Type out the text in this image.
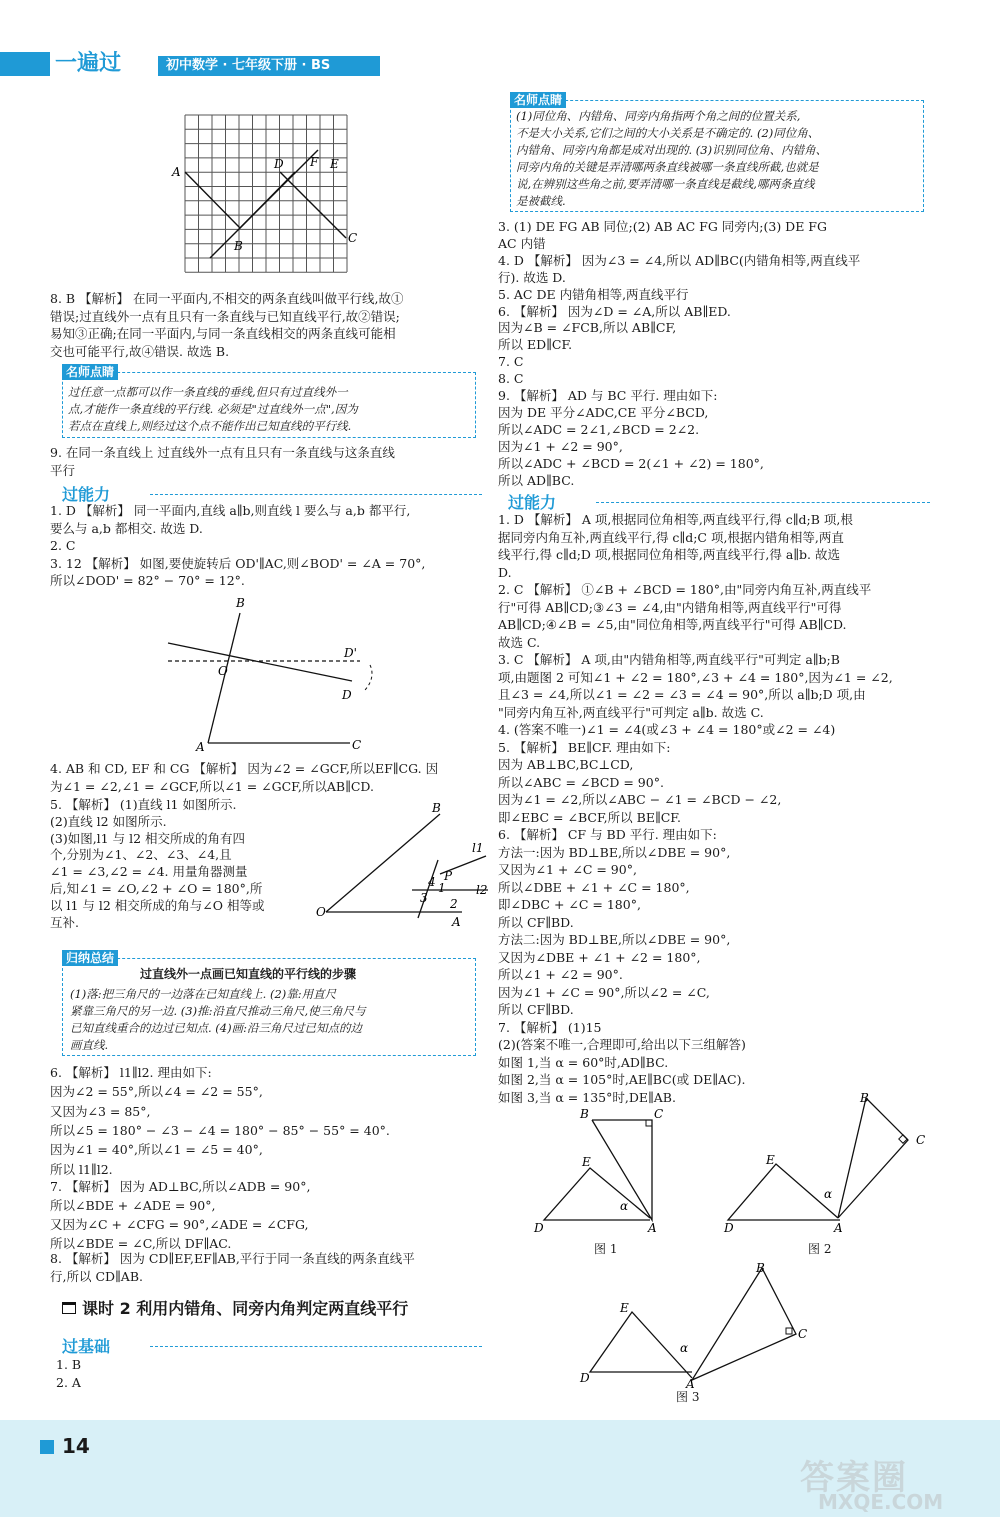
一遍过	初中数学 · 七年级下册 · BS
A
B
C
D F E
8. B 【解析】 在同一平面内,不相交的两条直线叫做平行线,故①
错误;过直线外一点有且只有一条直线与已知直线平行,故②错误;
易知③正确;在同一平面内,与同一条直线相交的两条直线可能相
交也可能平行,故④错误. 故选 B.
名师点睛
过任意一点都可以作一条直线的垂线,但只有过直线外一
点,才能作一条直线的平行线. 必须是"过直线外一点",因为
若点在直线上,则经过这个点不能作出已知直线的平行线.
9. 在同一条直线上 过直线外一点有且只有一条直线与这条直线
平行
过能力
1. D 【解析】 同一平面内,直线 a∥b,则直线 l 要么与 a,b 都平行,
要么与 a,b 都相交. 故选 D.
2. C
3. 12 【解析】 如图,要使旋转后 OD'∥AC,则∠BOD' = ∠A = 70°,
所以∠DOD' = 82° − 70° = 12°.
B
O
D'
D
A	C
4. AB 和 CD, EF 和 CG 【解析】 因为∠2 = ∠GCF,所以EF∥CG. 因
为∠1 = ∠2,∠1 = ∠GCF,所以∠1 = ∠GCF,所以AB∥CD.
5. 【解析】 (1)直线 l1 如图所示.
(2)直线 l2 如图所示.
(3)如图,l1 与 l2 相交所成的角有四
个,分别为∠1、∠2、∠3、∠4,且
∠1 = ∠3,∠2 = ∠4. 用量角器测量
后,知∠1 = ∠O,∠2 + ∠O = 180°,所
以 l1 与 l2 相交所成的角与∠O 相等或
互补.
B
O
A
P
l1
l2
1
2
3
4
归纳总结
过直线外一点画已知直线的平行线的步骤
(1)落:把三角尺的一边落在已知直线上. (2)靠:用直尺
紧靠三角尺的另一边. (3)推:沿直尺推动三角尺,使三角尺与
已知直线重合的边过已知点. (4)画:沿三角尺过已知点的边
画直线.
6. 【解析】 l1∥l2. 理由如下:
因为∠2 = 55°,所以∠4 = ∠2 = 55°,
又因为∠3 = 85°,
所以∠5 = 180° − ∠3 − ∠4 = 180° − 85° − 55° = 40°.
因为∠1 = 40°,所以∠1 = ∠5 = 40°,
所以 l1∥l2.
7. 【解析】 因为 AD⊥BC,所以∠ADB = 90°,
所以∠BDE + ∠ADE = 90°,
又因为∠C + ∠CFG = 90°,∠ADE = ∠CFG,
所以∠BDE = ∠C,所以 DF∥AC.
8. 【解析】 因为 CD∥EF,EF∥AB,平行于同一条直线的两条直线平
行,所以 CD∥AB.
课时 2 利用内错角、同旁内角判定两直线平行
过基础
1. B
2. A
名师点睛
(1)同位角、内错角、同旁内角指两个角之间的位置关系,
不是大小关系,它们之间的大小关系是不确定的. (2)同位角、
内错角、同旁内角都是成对出现的. (3)识别同位角、内错角、
同旁内角的关键是弄清哪两条直线被哪一条直线所截,也就是
说,在辨别这些角之前,要弄清哪一条直线是截线,哪两条直线
是被截线.
3. (1) DE FG AB 同位;(2) AB AC FG 同旁内;(3) DE FG
AC 内错
4. D 【解析】 因为∠3 = ∠4,所以 AD∥BC(内错角相等,两直线平
行). 故选 D.
5. AC DE 内错角相等,两直线平行
6. 【解析】 因为∠D = ∠A,所以 AB∥ED.
因为∠B = ∠FCB,所以 AB∥CF,
所以 ED∥CF.
7. C
8. C
9. 【解析】 AD 与 BC 平行. 理由如下:
因为 DE 平分∠ADC,CE 平分∠BCD,
所以∠ADC = 2∠1,∠BCD = 2∠2.
因为∠1 + ∠2 = 90°,
所以∠ADC + ∠BCD = 2(∠1 + ∠2) = 180°,
所以 AD∥BC.
过能力
1. D 【解析】 A 项,根据同位角相等,两直线平行,得 c∥d;B 项,根
据同旁内角互补,两直线平行,得 c∥d;C 项,根据内错角相等,两直
线平行,得 c∥d;D 项,根据同位角相等,两直线平行,得 a∥b. 故选
D.
2. C 【解析】 ①∠B + ∠BCD = 180°,由"同旁内角互补,两直线平
行"可得 AB∥CD;③∠3 = ∠4,由"内错角相等,两直线平行"可得
AB∥CD;④∠B = ∠5,由"同位角相等,两直线平行"可得 AB∥CD.
故选 C.
3. C 【解析】 A 项,由"内错角相等,两直线平行"可判定 a∥b;B
项,由题图 2 可知∠1 + ∠2 = 180°,∠3 + ∠4 = 180°,因为∠1 = ∠2,
且∠3 = ∠4,所以∠1 = ∠2 = ∠3 = ∠4 = 90°,所以 a∥b;D 项,由
"同旁内角互补,两直线平行"可判定 a∥b. 故选 C.
4. (答案不唯一)∠1 = ∠4(或∠3 + ∠4 = 180°或∠2 = ∠4)
5. 【解析】 BE∥CF. 理由如下:
因为 AB⊥BC,BC⊥CD,
所以∠ABC = ∠BCD = 90°.
因为∠1 = ∠2,所以∠ABC − ∠1 = ∠BCD − ∠2,
即∠EBC = ∠BCF,所以 BE∥CF.
6. 【解析】 CF 与 BD 平行. 理由如下:
方法一:因为 BD⊥BE,所以∠DBE = 90°,
又因为∠1 + ∠C = 90°,
所以∠DBE + ∠1 + ∠C = 180°,
即∠DBC + ∠C = 180°,
所以 CF∥BD.
方法二:因为 BD⊥BE,所以∠DBE = 90°,
又因为∠DBE + ∠1 + ∠2 = 180°,
所以∠1 + ∠2 = 90°.
因为∠1 + ∠C = 90°,所以∠2 = ∠C,
所以 CF∥BD.
7. 【解析】 (1)15
(2)(答案不唯一,合理即可,给出以下三组解答)
如图 1,当 α = 60°时,AD∥BC.
如图 2,当 α = 105°时,AE∥BC(或 DE∥AC).
如图 3,当 α = 135°时,DE∥AB.
B	C
E
D	A
α
B
C
E
D	A
α
B
C
E
D	A
α
图 1	图 2
图 3
14
答案圈
MXQE.COM
